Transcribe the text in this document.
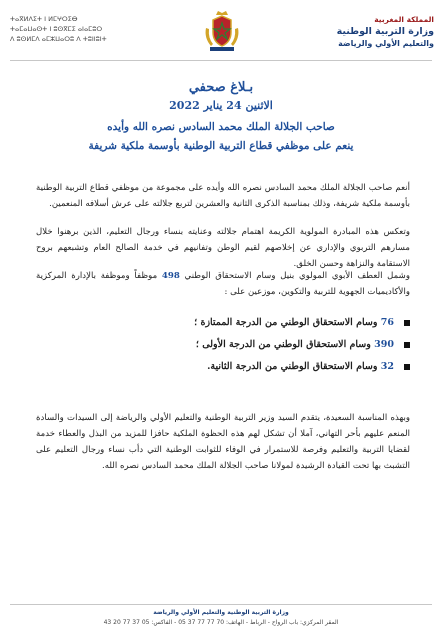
ⵜⴰⴳⵍⴷⵉⵜ ⵏ ⵍⵎⵖⵔⵉⴱ
ⵜⴰⵎⴰⵡⴰⵙⵜ ⵏ ⵓⵙⴳⵎⵉ ⴰⵏⴰⵎⵓⵔ
ⴷ ⵓⵙⵍⵎⴷ ⴰⵎⵣⵡⴰⵔⵓ ⴷ ⵜⵓⵏⵏⵓⵏⵜ
المملكة المغربية
وزارة التربية الوطنية
والتعليم الأولي والرياضة
بـلاغ صحفي
الاثنين 24 يناير 2022
صاحب الجلالة الملك محمد السادس نصره الله وأيده
ينعم على موظفي قطاع التربية الوطنية بأوسمة ملكية شريفة
أنعم صاحب الجلالة الملك محمد السادس نصره الله وأيده على مجموعة من موظفي قطاع التربية الوطنية بأوسمة ملكية شريفة، وذلك بمناسبة الذكرى الثانية والعشرين لتربع جلالته على عرش أسلافه المنعمين.
وتعكس هذه المبادرة المولوية الكريمة اهتمام جلالته وعنايته بنساء ورجال التعليم، الذين برهنوا خلال مسارهم التربوي والإداري عن إخلاصهم لقيم الوطن وتفانيهم في خدمة الصالح العام وتشبعهم بروح الاستقامة والنزاهة وحسن الخلق.
وشمل العطف الأبوي المولوي بنيل وسام الاستحقاق الوطني 498 موظفاً وموظفة بالإدارة المركزية والأكاديميات الجهوية للتربية والتكوين، موزعين على :
76 وسام الاستحقاق الوطني من الدرجة الممتازة ؛
390 وسام الاستحقاق الوطني من الدرجة الأولى ؛
32 وسام الاستحقاق الوطني من الدرجة الثانية.
وبهذه المناسبة السعيدة، يتقدم السيد وزير التربية الوطنية والتعليم الأولي والرياضة إلى السيدات والسادة المنعم عليهم بأحر التهاني، آملا أن تشكل لهم هذه الحظوة الملكية حافزا للمزيد من البذل والعطاء خدمة لقضايا التربية والتعليم وفرصة للاستمرار في الوفاء للثوابت الوطنية التي دأب نساء ورجال التعليم على التشبث بها تحت القيادة الرشيدة لمولانا صاحب الجلالة الملك محمد السادس نصره الله.
وزارة التربية الوطنية والتعليم الأولي والرياضة
المقر المركزي: باب الرواح - الرباط - الهاتف: 70 77 77 37 05 - الفاكس: 05 37 77 20 43
